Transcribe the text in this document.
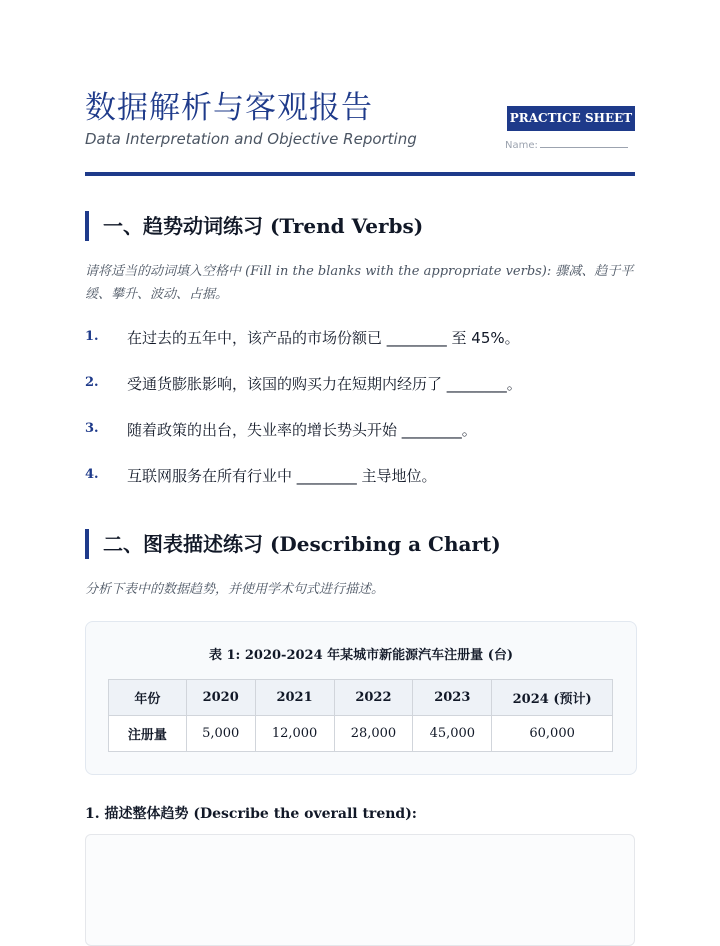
数据解析与客观报告
Data Interpretation and Objective Reporting
PRACTICE SHEET
Name:
一、趋势动词练习 (Trend Verbs)
请将适当的动词填入空格中 (Fill in the blanks with the appropriate verbs): 骤减、趋于平缓、攀升、波动、占据。
1. 在过去的五年中，该产品的市场份额已 ________ 至 45%。
2. 受通货膨胀影响，该国的购买力在短期内经历了 ________。
3. 随着政策的出台，失业率的增长势头开始 ________。
4. 互联网服务在所有行业中 ________ 主导地位。
二、图表描述练习 (Describing a Chart)
分析下表中的数据趋势，并使用学术句式进行描述。
表 1: 2020-2024 年某城市新能源汽车注册量 (台)
年份	2020	2021	2022	2023	2024 (预计)
注册量	5,000	12,000	28,000	45,000	60,000
1. 描述整体趋势 (Describe the overall trend):
